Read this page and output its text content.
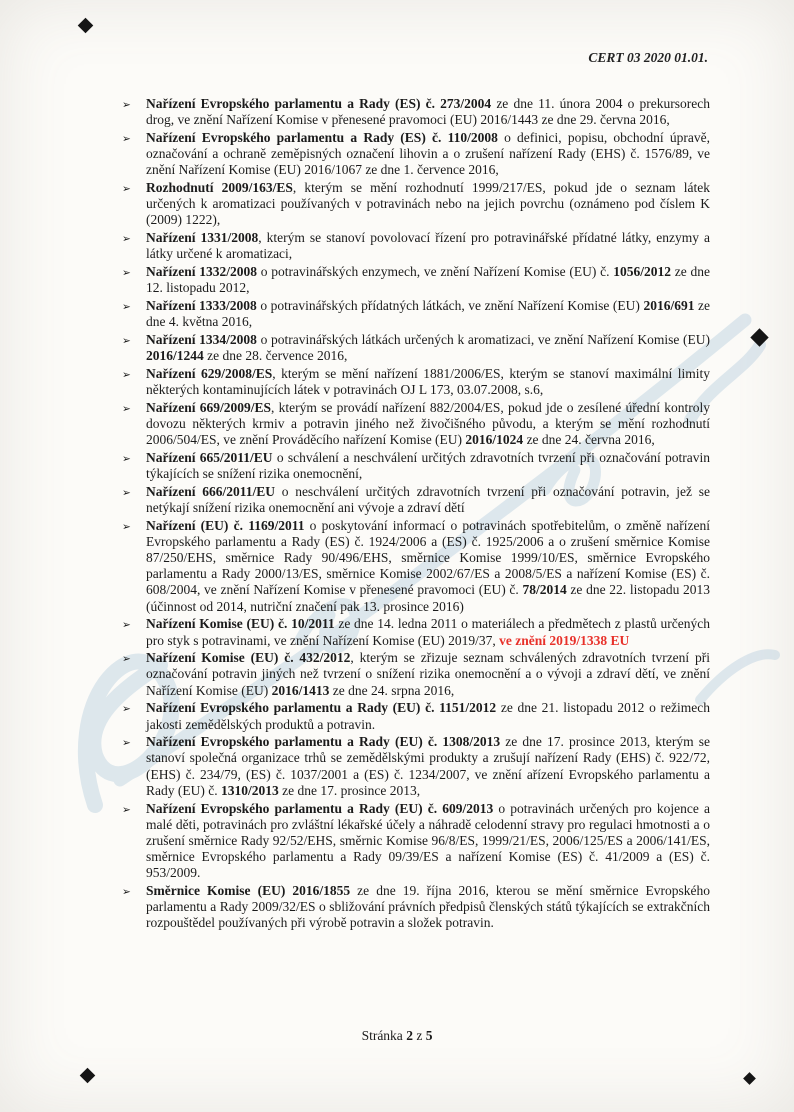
CERT 03 2020 01.01.
➢	Nařízení Evropského parlamentu a Rady (ES) č. 273/2004 ze dne 11. února 2004 o prekursorech drog, ve znění Nařízení Komise v přenesené pravomoci (EU) 2016/1443 ze dne 29. června 2016,
➢	Nařízení Evropského parlamentu a Rady (ES) č. 110/2008 o definici, popisu, obchodní úpravě, označování a ochraně zeměpisných označení lihovin a o zrušení nařízení Rady (EHS) č. 1576/89, ve znění Nařízení Komise (EU) 2016/1067 ze dne 1. července 2016,
➢	Rozhodnutí 2009/163/ES, kterým se mění rozhodnutí 1999/217/ES, pokud jde o seznam látek určených k aromatizaci používaných v potravinách nebo na jejich povrchu (oznámeno pod číslem K (2009) 1222),
➢	Nařízení 1331/2008, kterým se stanoví povolovací řízení pro potravinářské přídatné látky, enzymy a látky určené k aromatizaci,
➢	Nařízení 1332/2008 o potravinářských enzymech, ve znění Nařízení Komise (EU) č. 1056/2012 ze dne 12. listopadu 2012,
➢	Nařízení 1333/2008 o potravinářských přídatných látkách, ve znění Nařízení Komise (EU) 2016/691 ze dne 4. května 2016,
➢	Nařízení 1334/2008 o potravinářských látkách určených k aromatizaci, ve znění Nařízení Komise (EU) 2016/1244 ze dne 28. července 2016,
➢	Nařízení 629/2008/ES, kterým se mění nařízení 1881/2006/ES, kterým se stanoví maximální limity některých kontaminujících látek v potravinách OJ L 173, 03.07.2008, s.6,
➢	Nařízení 669/2009/ES, kterým se provádí nařízení 882/2004/ES, pokud jde o zesílené úřední kontroly dovozu některých krmiv a potravin jiného než živočišného původu, a kterým se mění rozhodnutí 2006/504/ES, ve znění Prováděcího nařízení Komise (EU) 2016/1024 ze dne 24. června 2016,
➢	Nařízení 665/2011/EU o schválení a neschválení určitých zdravotních tvrzení při označování potravin týkajících se snížení rizika onemocnění,
➢	Nařízení 666/2011/EU o neschválení určitých zdravotních tvrzení při označování potravin, jež se netýkají snížení rizika onemocnění ani vývoje a zdraví dětí
➢	Nařízení (EU) č. 1169/2011 o poskytování informací o potravinách spotřebitelům, o změně nařízení Evropského parlamentu a Rady (ES) č. 1924/2006 a (ES) č. 1925/2006 a o zrušení směrnice Komise 87/250/EHS, směrnice Rady 90/496/EHS, směrnice Komise 1999/10/ES, směrnice Evropského parlamentu a Rady 2000/13/ES, směrnice Komise 2002/67/ES a 2008/5/ES a nařízení Komise (ES) č. 608/2004, ve znění Nařízení Komise v přenesené pravomoci (EU) č. 78/2014 ze dne 22. listopadu 2013 (účinnost od 2014, nutriční značení pak 13. prosince 2016)
➢	Nařízení Komise (EU) č. 10/2011 ze dne 14. ledna 2011 o materiálech a předmětech z plastů určených pro styk s potravinami, ve znění Nařízení Komise (EU) 2019/37, ve znění 2019/1338 EU
➢	Nařízení Komise (EU) č. 432/2012, kterým se zřizuje seznam schválených zdravotních tvrzení při označování potravin jiných než tvrzení o snížení rizika onemocnění a o vývoji a zdraví dětí, ve znění Nařízení Komise (EU) 2016/1413 ze dne 24. srpna 2016,
➢	Nařízení Evropského parlamentu a Rady (EU) č. 1151/2012 ze dne 21. listopadu 2012 o režimech jakosti zemědělských produktů a potravin.
➢	Nařízení Evropského parlamentu a Rady (EU) č. 1308/2013 ze dne 17. prosince 2013, kterým se stanoví společná organizace trhů se zemědělskými produkty a zrušují nařízení Rady (EHS) č. 922/72, (EHS) č. 234/79, (ES) č. 1037/2001 a (ES) č. 1234/2007, ve znění ařízení Evropského parlamentu a Rady (EU) č. 1310/2013 ze dne 17. prosince 2013,
➢	Nařízení Evropského parlamentu a Rady (EU) č. 609/2013 o potravinách určených pro kojence a malé děti, potravinách pro zvláštní lékařské účely a náhradě celodenní stravy pro regulaci hmotnosti a o zrušení směrnice Rady 92/52/EHS, směrnic Komise 96/8/ES, 1999/21/ES, 2006/125/ES a 2006/141/ES, směrnice Evropského parlamentu a Rady 09/39/ES a nařízení Komise (ES) č. 41/2009 a (ES) č. 953/2009.
➢	Směrnice Komise (EU) 2016/1855 ze dne 19. října 2016, kterou se mění směrnice Evropského parlamentu a Rady 2009/32/ES o sbližování právních předpisů členských států týkajících se extrakčních rozpouštědel používaných při výrobě potravin a složek potravin.
Stránka 2 z 5
